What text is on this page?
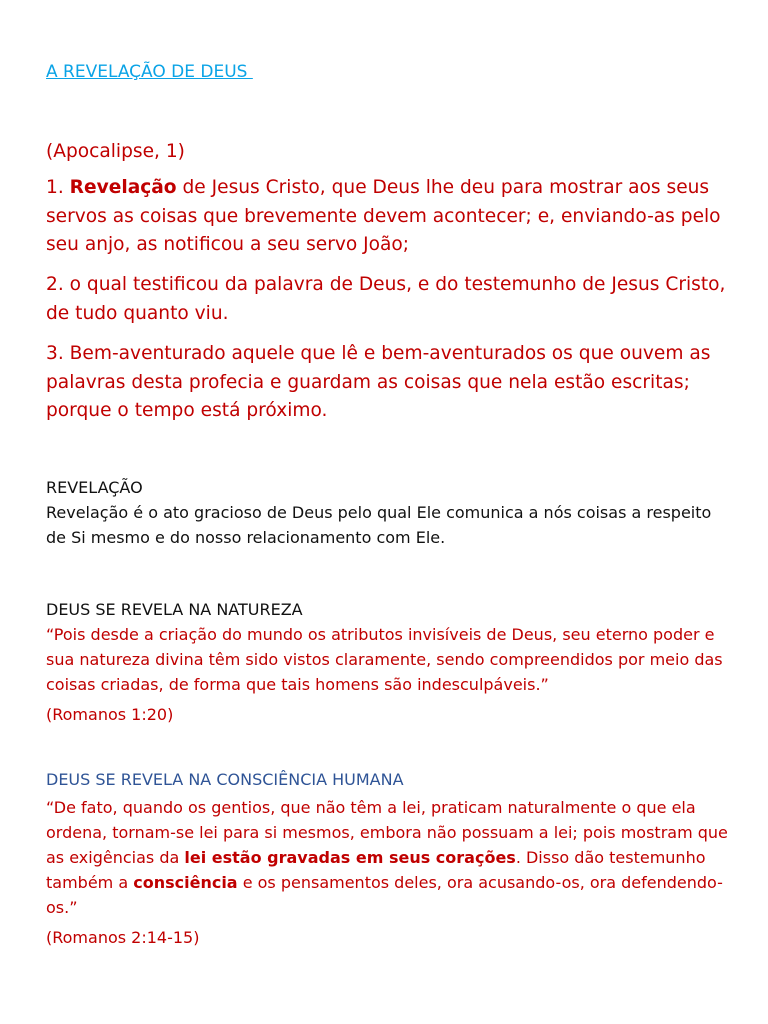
A REVELAÇÃO DE DEUS
(Apocalipse, 1)
1. Revelação de Jesus Cristo, que Deus lhe deu para mostrar aos seus servos as coisas que brevemente devem acontecer; e, enviando-as pelo seu anjo, as notificou a seu servo João;
2. o qual testificou da palavra de Deus, e do testemunho de Jesus Cristo, de tudo quanto viu.
3. Bem-aventurado aquele que lê e bem-aventurados os que ouvem as palavras desta profecia e guardam as coisas que nela estão escritas; porque o tempo está próximo.
REVELAÇÃO
Revelação é o ato gracioso de Deus pelo qual Ele comunica a nós coisas a respeito de Si mesmo e do nosso relacionamento com Ele.
DEUS SE REVELA NA NATUREZA
“Pois desde a criação do mundo os atributos invisíveis de Deus, seu eterno poder e sua natureza divina têm sido vistos claramente, sendo compreendidos por meio das coisas criadas, de forma que tais homens são indesculpáveis.”
(Romanos 1:20)
DEUS SE REVELA NA CONSCIÊNCIA HUMANA
“De fato, quando os gentios, que não têm a lei, praticam naturalmente o que ela ordena, tornam-se lei para si mesmos, embora não possuam a lei; pois mostram que as exigências da lei estão gravadas em seus corações. Disso dão testemunho também a consciência e os pensamentos deles, ora acusando-os, ora defendendo-os.”
(Romanos 2:14-15)
